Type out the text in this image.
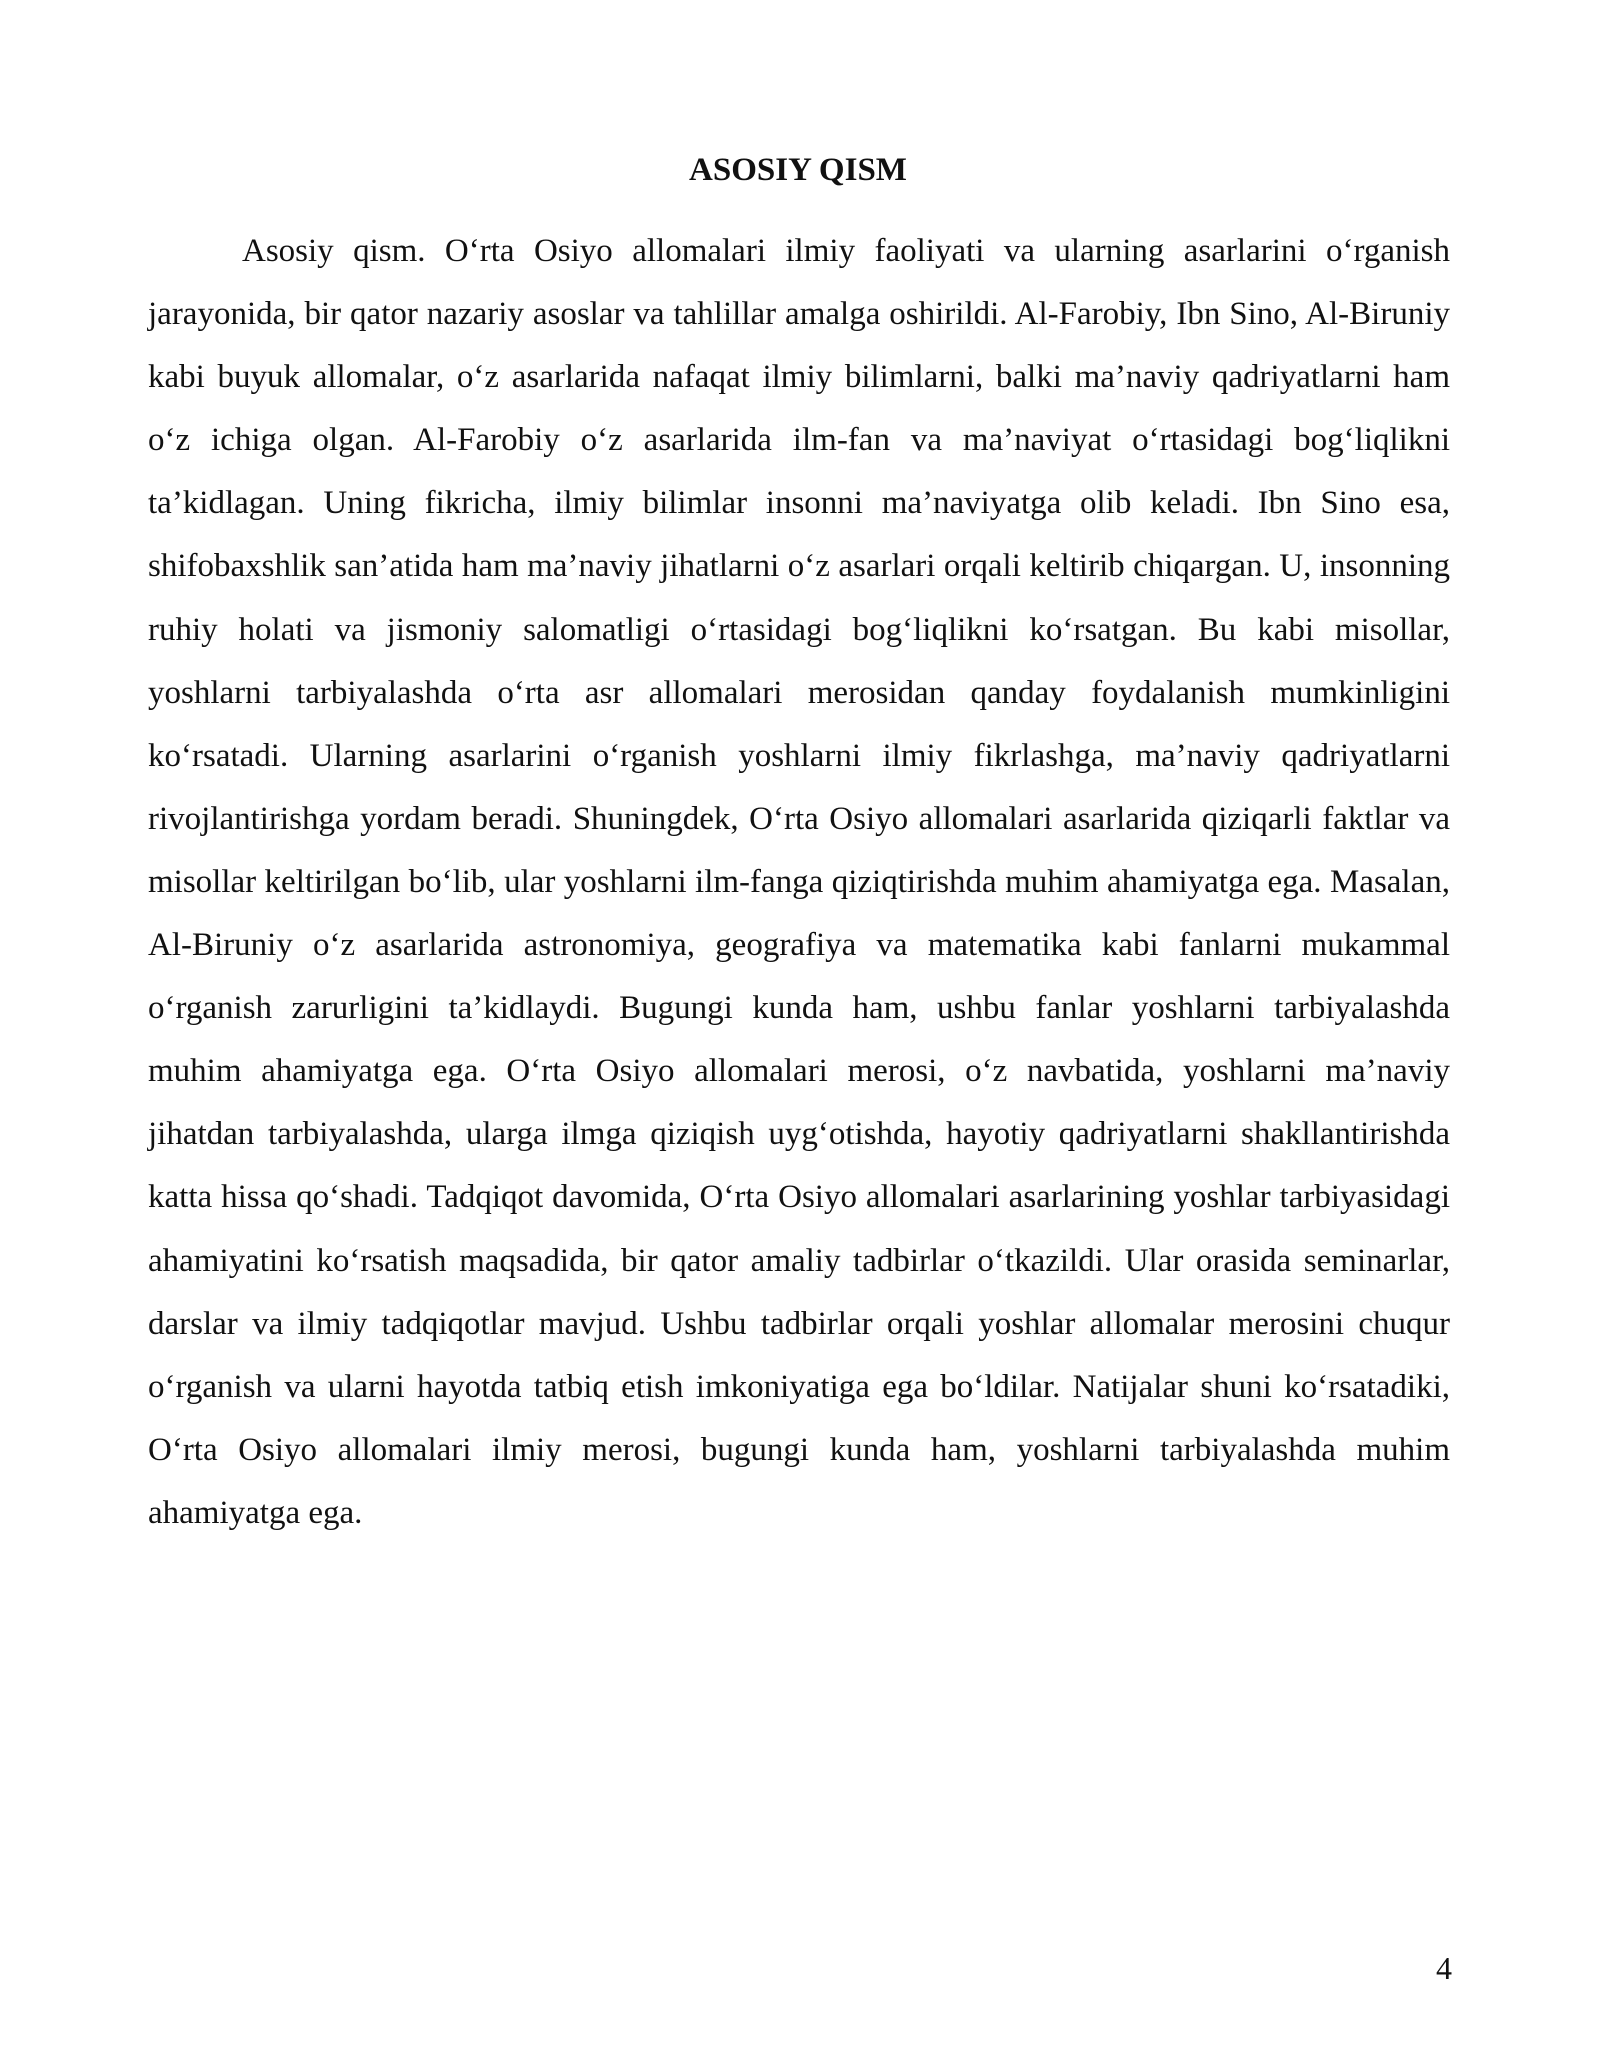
ASOSIY QISM

Asosiy qism. O‘rta Osiyo allomalari ilmiy faoliyati va ularning asarlarini o‘rganish jarayonida, bir qator nazariy asoslar va tahlillar amalga oshirildi. Al-Farobiy, Ibn Sino, Al-Biruniy kabi buyuk allomalar, o‘z asarlarida nafaqat ilmiy bilimlarni, balki ma’naviy qadriyatlarni ham o‘z ichiga olgan. Al-Farobiy o‘z asarlarida ilm-fan va ma’naviyat o‘rtasidagi bog‘liqlikni ta’kidlagan. Uning fikricha, ilmiy bilimlar insonni ma’naviyatga olib keladi. Ibn Sino esa, shifobaxshlik san’atida ham ma’naviy jihatlarni o‘z asarlari orqali keltirib chiqargan. U, insonning ruhiy holati va jismoniy salomatligi o‘rtasidagi bog‘liqlikni ko‘rsatgan. Bu kabi misollar, yoshlarni tarbiyalashda o‘rta asr allomalari merosidan qanday foydalanish mumkinligini ko‘rsatadi. Ularning asarlarini o‘rganish yoshlarni ilmiy fikrlashga, ma’naviy qadriyatlarni rivojlantirishga yordam beradi. Shuningdek, O‘rta Osiyo allomalari asarlarida qiziqarli faktlar va misollar keltirilgan bo‘lib, ular yoshlarni ilm-fanga qiziqtirishda muhim ahamiyatga ega. Masalan, Al-Biruniy o‘z asarlarida astronomiya, geografiya va matematika kabi fanlarni mukammal o‘rganish zarurligini ta’kidlaydi. Bugungi kunda ham, ushbu fanlar yoshlarni tarbiyalashda muhim ahamiyatga ega. O‘rta Osiyo allomalari merosi, o‘z navbatida, yoshlarni ma’naviy jihatdan tarbiyalashda, ularga ilmga qiziqish uyg‘otishda, hayotiy qadriyatlarni shakllantirishda katta hissa qo‘shadi. Tadqiqot davomida, O‘rta Osiyo allomalari asarlarining yoshlar tarbiyasidagi ahamiyatini ko‘rsatish maqsadida, bir qator amaliy tadbirlar o‘tkazildi. Ular orasida seminarlar, darslar va ilmiy tadqiqotlar mavjud. Ushbu tadbirlar orqali yoshlar allomalar merosini chuqur o‘rganish va ularni hayotda tatbiq etish imkoniyatiga ega bo‘ldilar. Natijalar shuni ko‘rsatadiki, O‘rta Osiyo allomalari ilmiy merosi, bugungi kunda ham, yoshlarni tarbiyalashda muhim ahamiyatga ega.

4
